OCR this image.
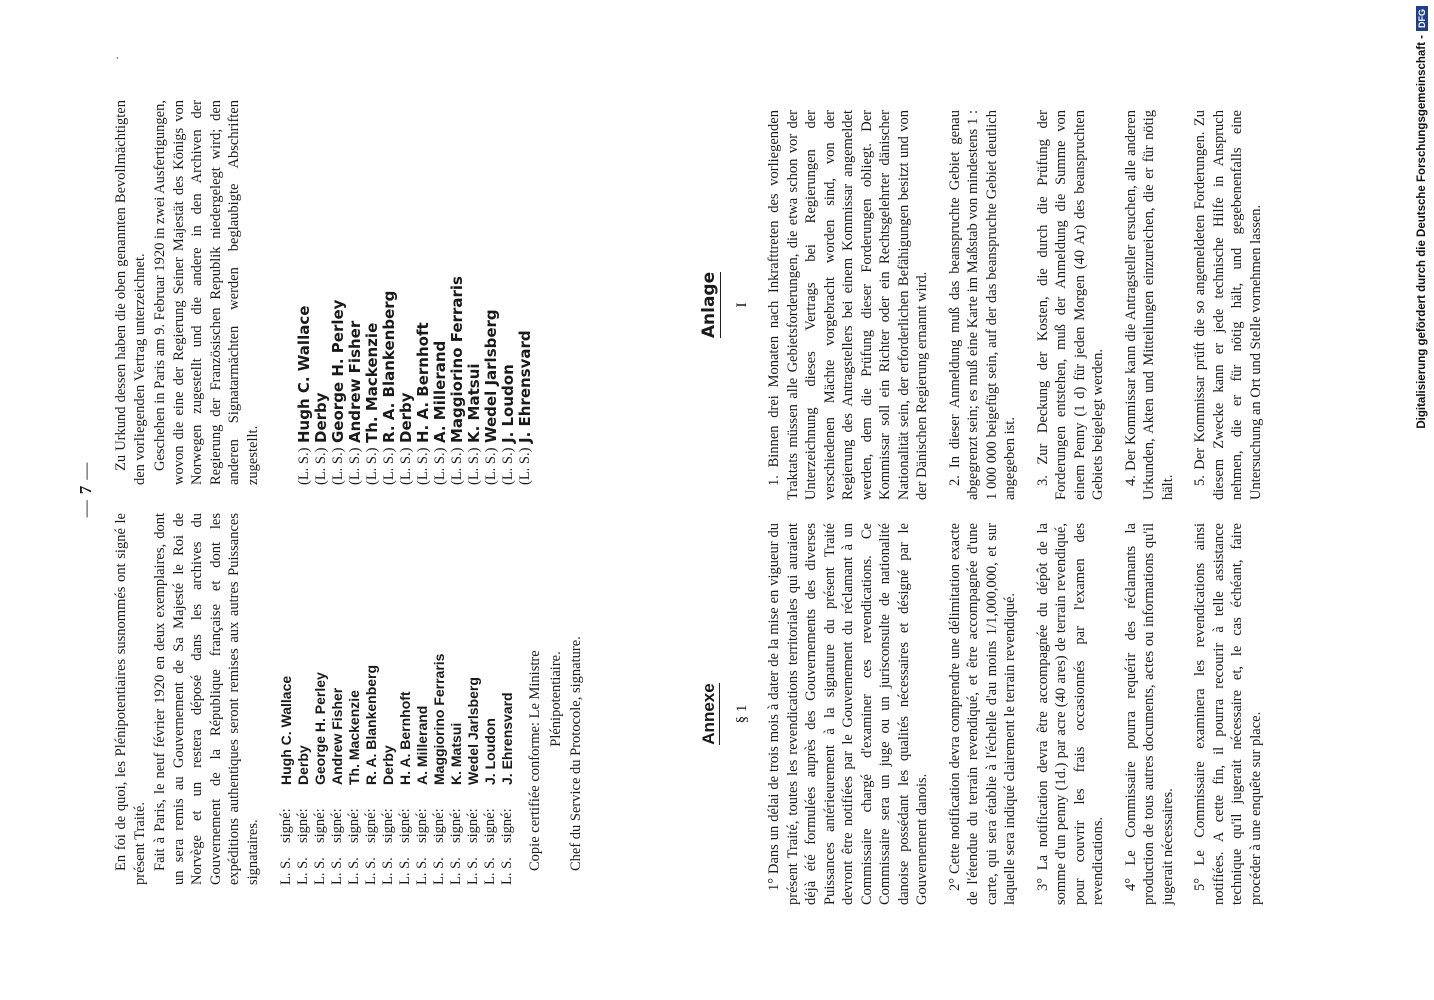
—7—
·

En foi de quoi, les Plénipotentiaires susnommés ont signé le présent Traité. Fait à Paris, le neuf février 1920 en deux exemplaires, dont un sera remis au Gouvernement de Sa Majesté le Roi de Norvège et un restera déposé dans les archives du Gouvernement de la République française et dont les expéditions authentiques seront remises aux autres Puissances signataires. L. S.
signé:
Hugh C. Wallace
L. S.
signé:
Derby
L. S.
signé:
George H. Perley
L. S.
signé:
Andrew Fisher
L. S.
signé:
Th. Mackenzie
L. S.
signé:
R. A. Blankenberg
L. S.
signé:
Derby
L. S.
signé:
H. A. Bernhoft
L. S.
signé:
A. Millerand
L. S.
signé:
Maggiorino Ferraris
L. S.
signé:
K. Matsui
L. S.
signé:
Wedel Jarlsberg
L. S.
signé:
J. Loudon
L. S.
signé:
J. Ehrensvard Copie certifiée conforme: Le Ministre Plénipotentiaire. Chef du Service du Protocole, signature.

Zu Urkund dessen haben die oben genannten Bevollmächtigten den vorliegenden Vertrag unterzeichnet. Geschehen in Paris am 9. Februar 1920 in zwei Ausfertigungen, wovon die eine der Regierung Seiner Majestät des Königs von Norwegen zugestellt und die andere in den Archiven der Regierung der Französischen Republik niedergelegt wird; den anderen Signatarmächten werden beglaubigte Abschriften zugestellt. (L. S.)
Hugh C. Wallace
(L. S.)
Derby
(L. S.)
George H. Perley
(L. S.)
Andrew Fisher
(L. S.)
Th. Mackenzie
(L. S.)
R. A. Blankenberg
(L. S.)
Derby
(L. S.)
H. A. Bernhoft
(L. S.)
A. Millerand
(L. S.)
Maggiorino Ferraris
(L. S.)
K. Matsui
(L. S.)
Wedel Jarlsberg
(L. S.)
J. Loudon
(L. S.)
J. Ehrensvard
Annexe § 1 1° Dans un délai de trois mois à dater de la mise en vigueur du présent Traité, toutes les revendications territoriales qui auraient déjà été formulées auprès des Gouvernements des diverses Puissances antérieurement à la signature du présent Traité devront être notifiées par le Gouvernement du réclamant à un Commissaire chargé d'examiner ces revendications. Ce Commissaire sera un juge ou un jurisconsulte de nationalité danoise possédant les qualités nécessaires et désigné par le Gouvernement danois. 2° Cette notification devra comprendre une délimitation exacte de l'étendue du terrain revendiqué, et être accompagnée d'une carte, qui sera établie à l'échelle d'au moins 1/1,000,000, et sur laquelle sera indiqué clairement le terrain revendiqué. 3° La notification devra être accompagnée du dépôt de la somme d'un penny (1d.) par acre (40 ares) de terrain revendiqué, pour couvrir les frais occasionnés par l'examen des revendications. 4° Le Commissaire pourra requérir des réclamants la production de tous autres documents, actes ou informations qu'il jugerait nécessaires. 5° Le Commissaire examinera les revendications ainsi notifiées. A cette fin, il pourra recourir à telle assistance technique qu'il jugerait nécessaire et, le cas échéant, faire procéder à une enquête sur place.

Anlage I 1. Binnen drei Monaten nach Inkrafttreten des vorliegenden Traktats müssen alle Gebietsforderungen, die etwa schon vor der Unterzeichnung dieses Vertrags bei Regierungen der verschiedenen Mächte vorgebracht worden sind, von der Regierung des Antragstellers bei einem Kommissar angemeldet werden, dem die Prüfung dieser Forderungen obliegt. Der Kommissar soll ein Richter oder ein Rechtsgelehrter dänischer Nationalität sein, der erforderlichen Befähigungen besitzt und von der Dänischen Regierung ernannt wird. 2. In dieser Anmeldung muß das beanspruchte Gebiet genau abgegrenzt sein; es muß eine Karte im Maßstab von mindestens 1 : 1 000 000 beigefügt sein, auf der das beanspruchte Gebiet deutlich angegeben ist. 3. Zur Deckung der Kosten, die durch die Prüfung der Forderungen entstehen, muß der Anmeldung die Summe von einem Penny (1 d) für jeden Morgen (40 Ar) des beanspruchten Gebiets beigelegt werden. 4. Der Kommissar kann die Antragsteller ersuchen, alle anderen Urkunden, Akten und Mitteilungen einzureichen, die er für nötig hält.

5. Der Kommissar prüft die so angemeldeten Forderungen. Zu diesem Zwecke kann er jede technische Hilfe in Anspruch nehmen, die er für nötig hält, und gegebenenfalls eine Untersuchung an Ort und Stelle vornehmen lassen.	Digitalisierung gefördert durch die Deutsche Forschungsgemeinschaft -
DFG
